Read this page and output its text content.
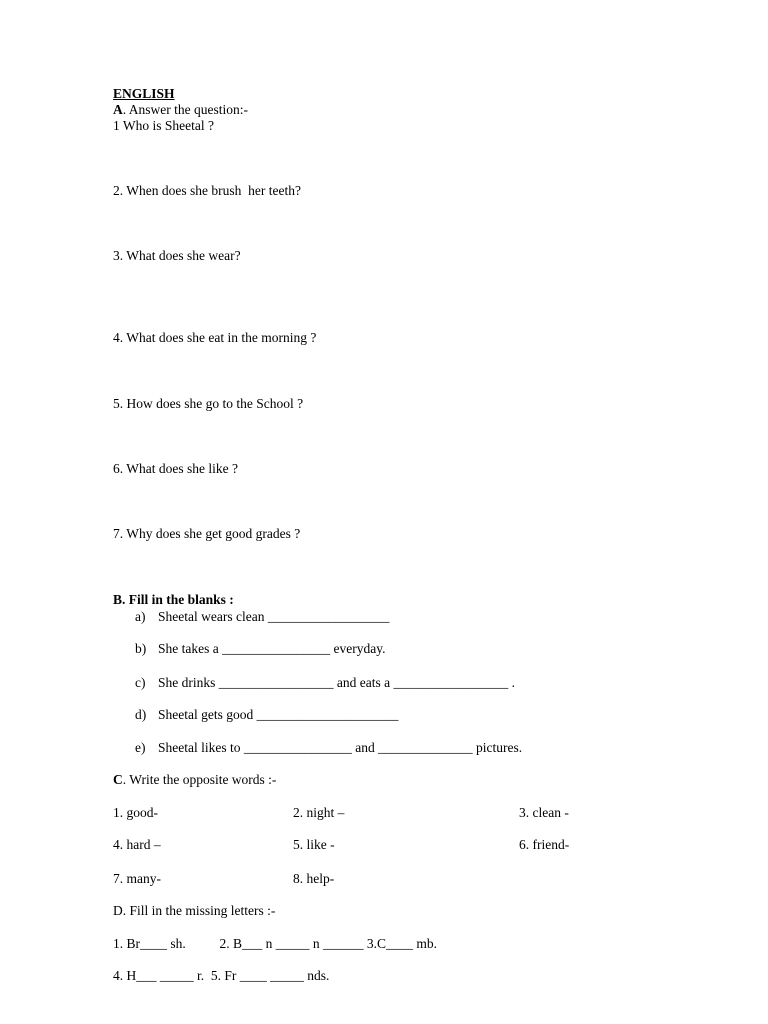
ENGLISH
A. Answer the question:-
1 Who is Sheetal ?
2. When does she brush  her teeth?
3. What does she wear?
4. What does she eat in the morning ?
5. How does she go to the School ?
6. What does she like ?
7. Why does she get good grades ?
B. Fill in the blanks :
a) Sheetal wears clean __________________
b) She takes a ________________ everyday.
c) She drinks _________________ and eats a _________________ .
d) Sheetal gets good _____________________
e) Sheetal likes to ________________ and ______________ pictures.
C. Write the opposite words :-
1. good-	2. night –	3. clean -
4. hard –	5. like -	6. friend-
7. many-	8. help-
D. Fill in the missing letters :-
1. Br____ sh.          2. B___ n _____ n ______ 3.C____ mb.
4. H___ _____ r.  5. Fr ____ _____ nds.
